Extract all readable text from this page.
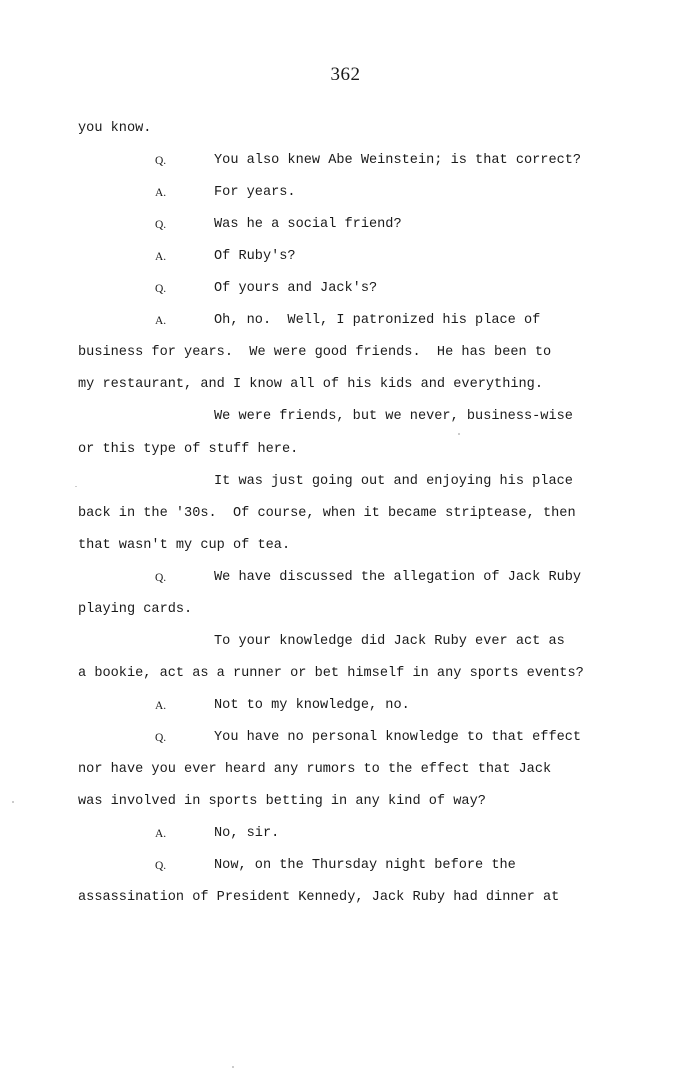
362
you know.
Q.	You also knew Abe Weinstein; is that correct?
A.	For years.
Q.	Was he a social friend?
A.	Of Ruby's?
Q.	Of yours and Jack's?
A.	Oh, no.  Well, I patronized his place of
business for years.  We were good friends.  He has been to
my restaurant, and I know all of his kids and everything.
We were friends, but we never, business-wise
or this type of stuff here.
It was just going out and enjoying his place
back in the '30s.  Of course, when it became striptease, then
that wasn't my cup of tea.
Q.	We have discussed the allegation of Jack Ruby
playing cards.
To your knowledge did Jack Ruby ever act as
a bookie, act as a runner or bet himself in any sports events?
A.	Not to my knowledge, no.
Q.	You have no personal knowledge to that effect
nor have you ever heard any rumors to the effect that Jack
was involved in sports betting in any kind of way?
A.	No, sir.
Q.	Now, on the Thursday night before the
assassination of President Kennedy, Jack Ruby had dinner at
